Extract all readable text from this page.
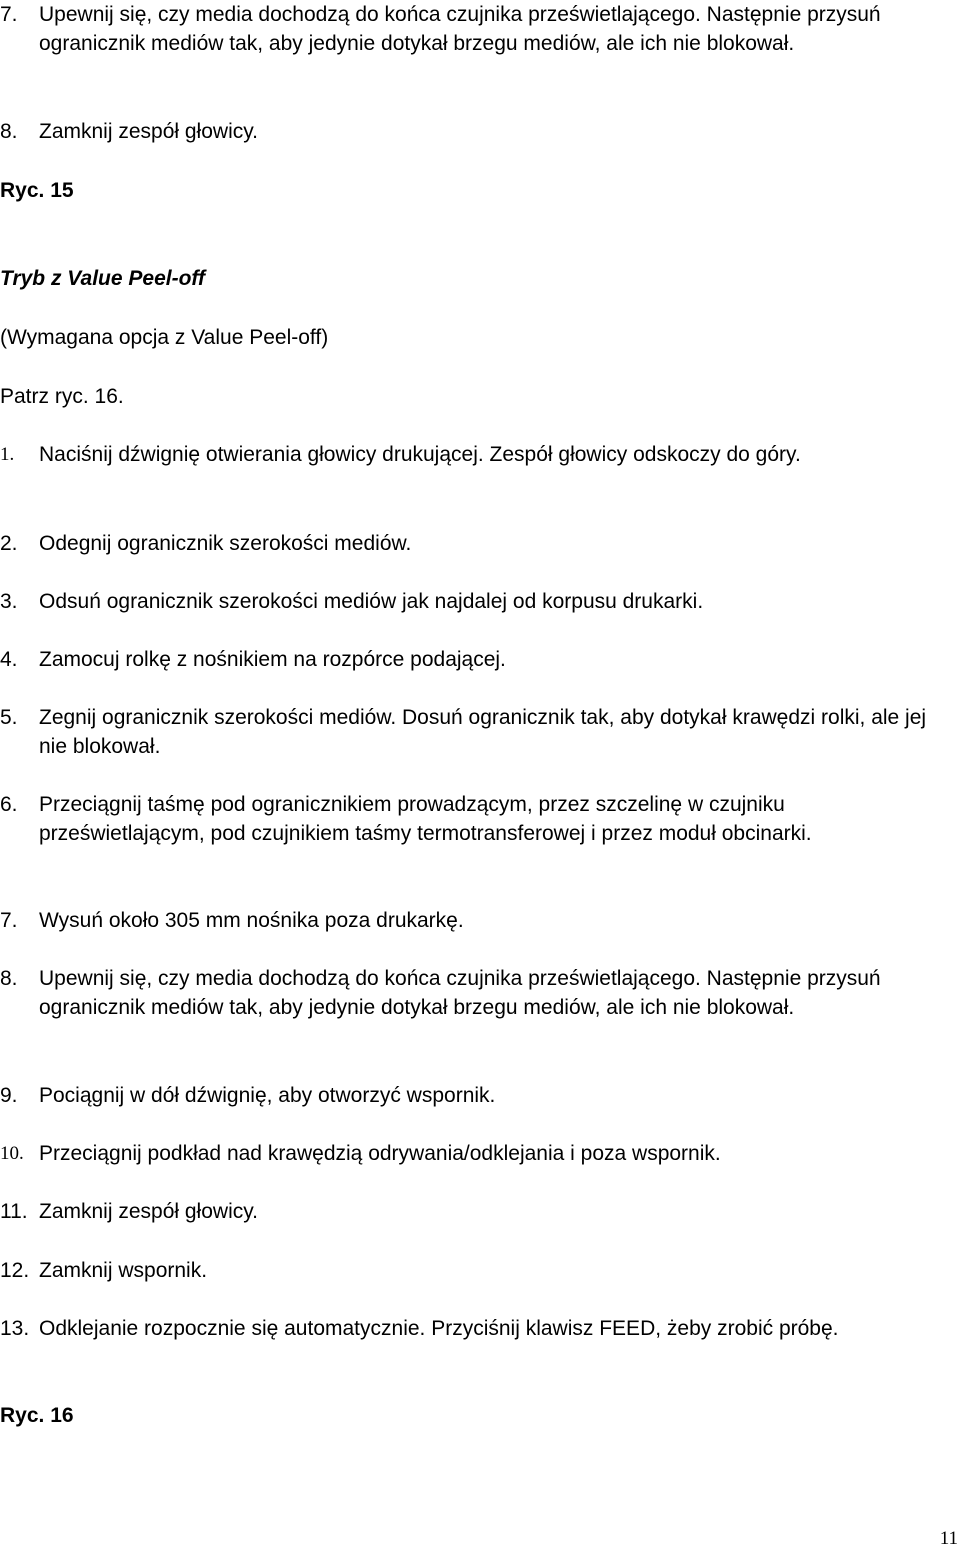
7.	Upewnij się, czy media dochodzą do końca czujnika prześwietlającego. Następnie przysuń ogranicznik mediów tak, aby jedynie dotykał brzegu mediów, ale ich nie blokował.
8.	Zamknij zespół głowicy.
Ryc. 15
Tryb z Value Peel-off
(Wymagana opcja z Value Peel-off)
Patrz ryc. 16.
1.	Naciśnij dźwignię otwierania głowicy drukującej. Zespół głowicy odskoczy do góry.
2.	Odegnij ogranicznik szerokości mediów.
3.	Odsuń ogranicznik szerokości mediów jak najdalej od korpusu drukarki.
4.	Zamocuj rolkę z nośnikiem na rozpórce podającej.
5.	Zegnij ogranicznik szerokości mediów. Dosuń ogranicznik tak, aby dotykał krawędzi rolki, ale jej nie blokował.
6.	Przeciągnij taśmę pod ogranicznikiem prowadzącym, przez szczelinę w czujniku prześwietlającym, pod czujnikiem taśmy termotransferowej i przez moduł obcinarki.
7.	Wysuń około 305 mm nośnika poza drukarkę.
8.	Upewnij się, czy media dochodzą do końca czujnika prześwietlającego. Następnie przysuń ogranicznik mediów tak, aby jedynie dotykał brzegu mediów, ale ich nie blokował.
9.	Pociągnij w dół dźwignię, aby otworzyć wspornik.
10. Przeciągnij podkład nad krawędzią odrywania/odklejania i poza wspornik.
11. Zamknij zespół głowicy.
12. Zamknij wspornik.
13. Odklejanie rozpocznie się automatycznie. Przyciśnij klawisz FEED, żeby zrobić próbę.
Ryc. 16
11
